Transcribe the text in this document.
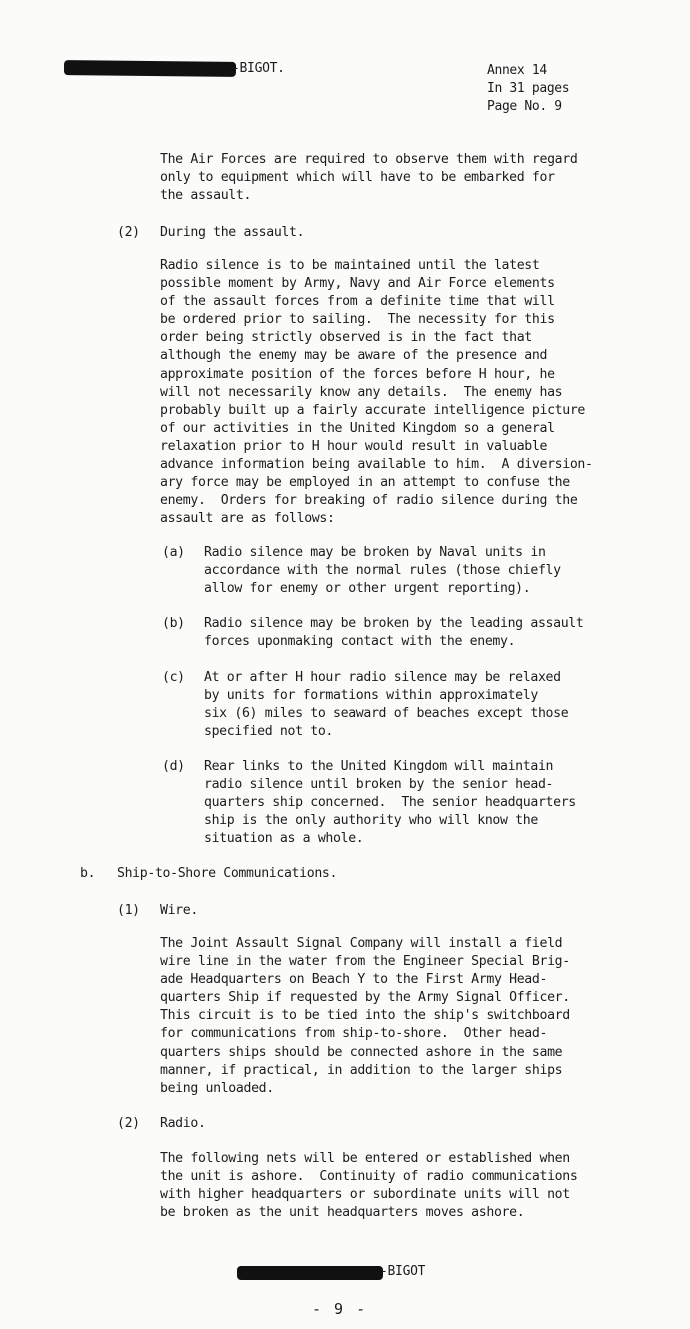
-BIGOT.	Annex 14
In 31 pages
Page No. 9
The Air Forces are required to observe them with regard
only to equipment which will have to be embarked for
the assault.
(2) During the assault.
Radio silence is to be maintained until the latest
possible moment by Army, Navy and Air Force elements
of the assault forces from a definite time that will
be ordered prior to sailing.  The necessity for this
order being strictly observed is in the fact that
although the enemy may be aware of the presence and
approximate position of the forces before H hour, he
will not necessarily know any details.  The enemy has
probably built up a fairly accurate intelligence picture
of our activities in the United Kingdom so a general
relaxation prior to H hour would result in valuable
advance information being available to him.  A diversion-
ary force may be employed in an attempt to confuse the
enemy.  Orders for breaking of radio silence during the
assault are as follows:
(a) Radio silence may be broken by Naval units in
accordance with the normal rules (those chiefly
allow for enemy or other urgent reporting).
(b) Radio silence may be broken by the leading assault
forces uponmaking contact with the enemy.
(c) At or after H hour radio silence may be relaxed
by units for formations within approximately
six (6) miles to seaward of beaches except those
specified not to.
(d) Rear links to the United Kingdom will maintain
radio silence until broken by the senior head-
quarters ship concerned.  The senior headquarters
ship is the only authority who will know the
situation as a whole.
b. Ship-to-Shore Communications.
(1) Wire.
The Joint Assault Signal Company will install a field
wire line in the water from the Engineer Special Brig-
ade Headquarters on Beach Y to the First Army Head-
quarters Ship if requested by the Army Signal Officer.
This circuit is to be tied into the ship's switchboard
for communications from ship-to-shore.  Other head-
quarters ships should be connected ashore in the same
manner, if practical, in addition to the larger ships
being unloaded.
(2) Radio.
The following nets will be entered or established when
the unit is ashore.  Continuity of radio communications
with higher headquarters or subordinate units will not
be broken as the unit headquarters moves ashore.
-BIGOT
- 9 -
